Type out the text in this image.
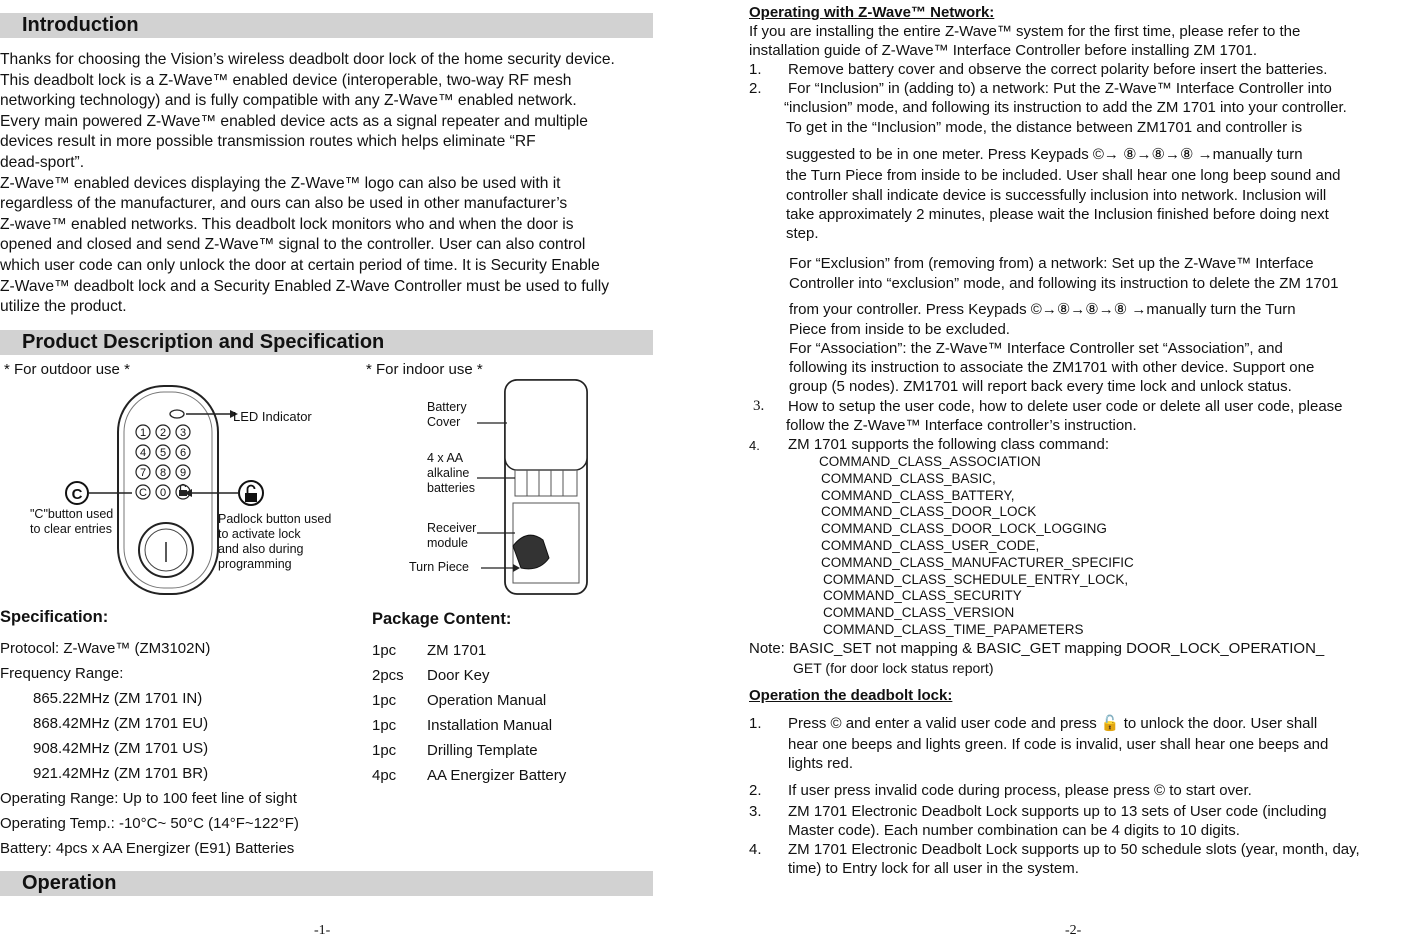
Introduction
Thanks for choosing the Vision’s wireless deadbolt door lock of the home security device.
This deadbolt lock is a Z-Wave™ enabled device (interoperable, two-way RF mesh
networking technology) and is fully compatible with any Z-Wave™ enabled network.
Every main powered Z-Wave™ enabled device acts as a signal repeater and multiple
devices result in more possible transmission routes which helps eliminate “RF
dead-sport”.
Z-Wave™ enabled devices displaying the Z-Wave™ logo can also be used with it
regardless of the manufacturer, and ours can also be used in other manufacturer’s
Z-wave™ enabled networks. This deadbolt lock monitors who and when the door is
opened and closed and send Z-Wave™ signal to the controller. User can also control
which user code can only unlock the door at certain period of time. It is Security Enable
Z-Wave™ deadbolt lock and a Security Enabled Z-Wave Controller must be used to fully
utilize the product.
Product Description and Specification
* For outdoor use *	* For indoor use *
1 2 3
4 5 6
7 8 9
C 0
C
LED Indicator
"C"button used
to clear entries
Padlock button used
to activate lock
and also during
programming
Battery
Cover
4 x AA
alkaline
batteries
Receiver
module
Turn Piece
Specification:
Protocol: Z-Wave™ (ZM3102N)
Frequency Range:
865.22MHz (ZM 1701 IN)
868.42MHz (ZM 1701 EU)
908.42MHz (ZM 1701 US)
921.42MHz (ZM 1701 BR)
Operating Range: Up to 100 feet line of sight
Operating Temp.: -10°C~ 50°C (14°F~122°F)
Battery: 4pcs x AA Energizer (E91) Batteries
Package Content:
1pc ZM 1701
2pcs Door Key
1pc Operation Manual
1pc Installation Manual
1pc Drilling Template
4pc AA Energizer Battery
Operation
-1-
Operating with Z-Wave™ Network:
If you are installing the entire Z-Wave™ system for the first time, please refer to the
installation guide of Z-Wave™ Interface Controller before installing ZM 1701.
1. Remove battery cover and observe the correct polarity before insert the batteries.
2. For “Inclusion” in (adding to) a network: Put the Z-Wave™ Interface Controller into
“inclusion” mode, and following its instruction to add the ZM 1701 into your controller.
To get in the “Inclusion” mode, the distance between ZM1701 and controller is
suggested to be in one meter. Press Keypads ©→ ⑧→⑧→⑧ →manually turn
the Turn Piece from inside to be included. User shall hear one long beep sound and
controller shall indicate device is successfully inclusion into network. Inclusion will
take approximately 2 minutes, please wait the Inclusion finished before doing next
step.
For “Exclusion” from (removing from) a network: Set up the Z-Wave™ Interface
Controller into “exclusion” mode, and following its instruction to delete the ZM 1701
from your controller. Press Keypads ©→⑧→⑧→⑧ →manually turn the Turn
Piece from inside to be excluded.
For “Association”: the Z-Wave™ Interface Controller set “Association”, and
following its instruction to associate the ZM1701 with other device. Support one
group (5 nodes). ZM1701 will report back every time lock and unlock status.
3. How to setup the user code, how to delete user code or delete all user code, please
follow the Z-Wave™ Interface controller’s instruction.
4. ZM 1701 supports the following class command:
COMMAND_CLASS_ASSOCIATION
COMMAND_CLASS_BASIC,
COMMAND_CLASS_BATTERY,
COMMAND_CLASS_DOOR_LOCK
COMMAND_CLASS_DOOR_LOCK_LOGGING
COMMAND_CLASS_USER_CODE,
COMMAND_CLASS_MANUFACTURER_SPECIFIC
COMMAND_CLASS_SCHEDULE_ENTRY_LOCK,
COMMAND_CLASS_SECURITY
COMMAND_CLASS_VERSION
COMMAND_CLASS_TIME_PAPAMETERS
Note: BASIC_SET not mapping & BASIC_GET mapping DOOR_LOCK_OPERATION_
GET (for door lock status report)
Operation the deadbolt lock:
1. Press © and enter a valid user code and press 🔓 to unlock the door. User shall
hear one beeps and lights green. If code is invalid, user shall hear one beeps and
lights red.
2. If user press invalid code during process, please press © to start over.
3. ZM 1701 Electronic Deadbolt Lock supports up to 13 sets of User code (including
Master code). Each number combination can be 4 digits to 10 digits.
4. ZM 1701 Electronic Deadbolt Lock supports up to 50 schedule slots (year, month, day,
time) to Entry lock for all user in the system.
-2-
